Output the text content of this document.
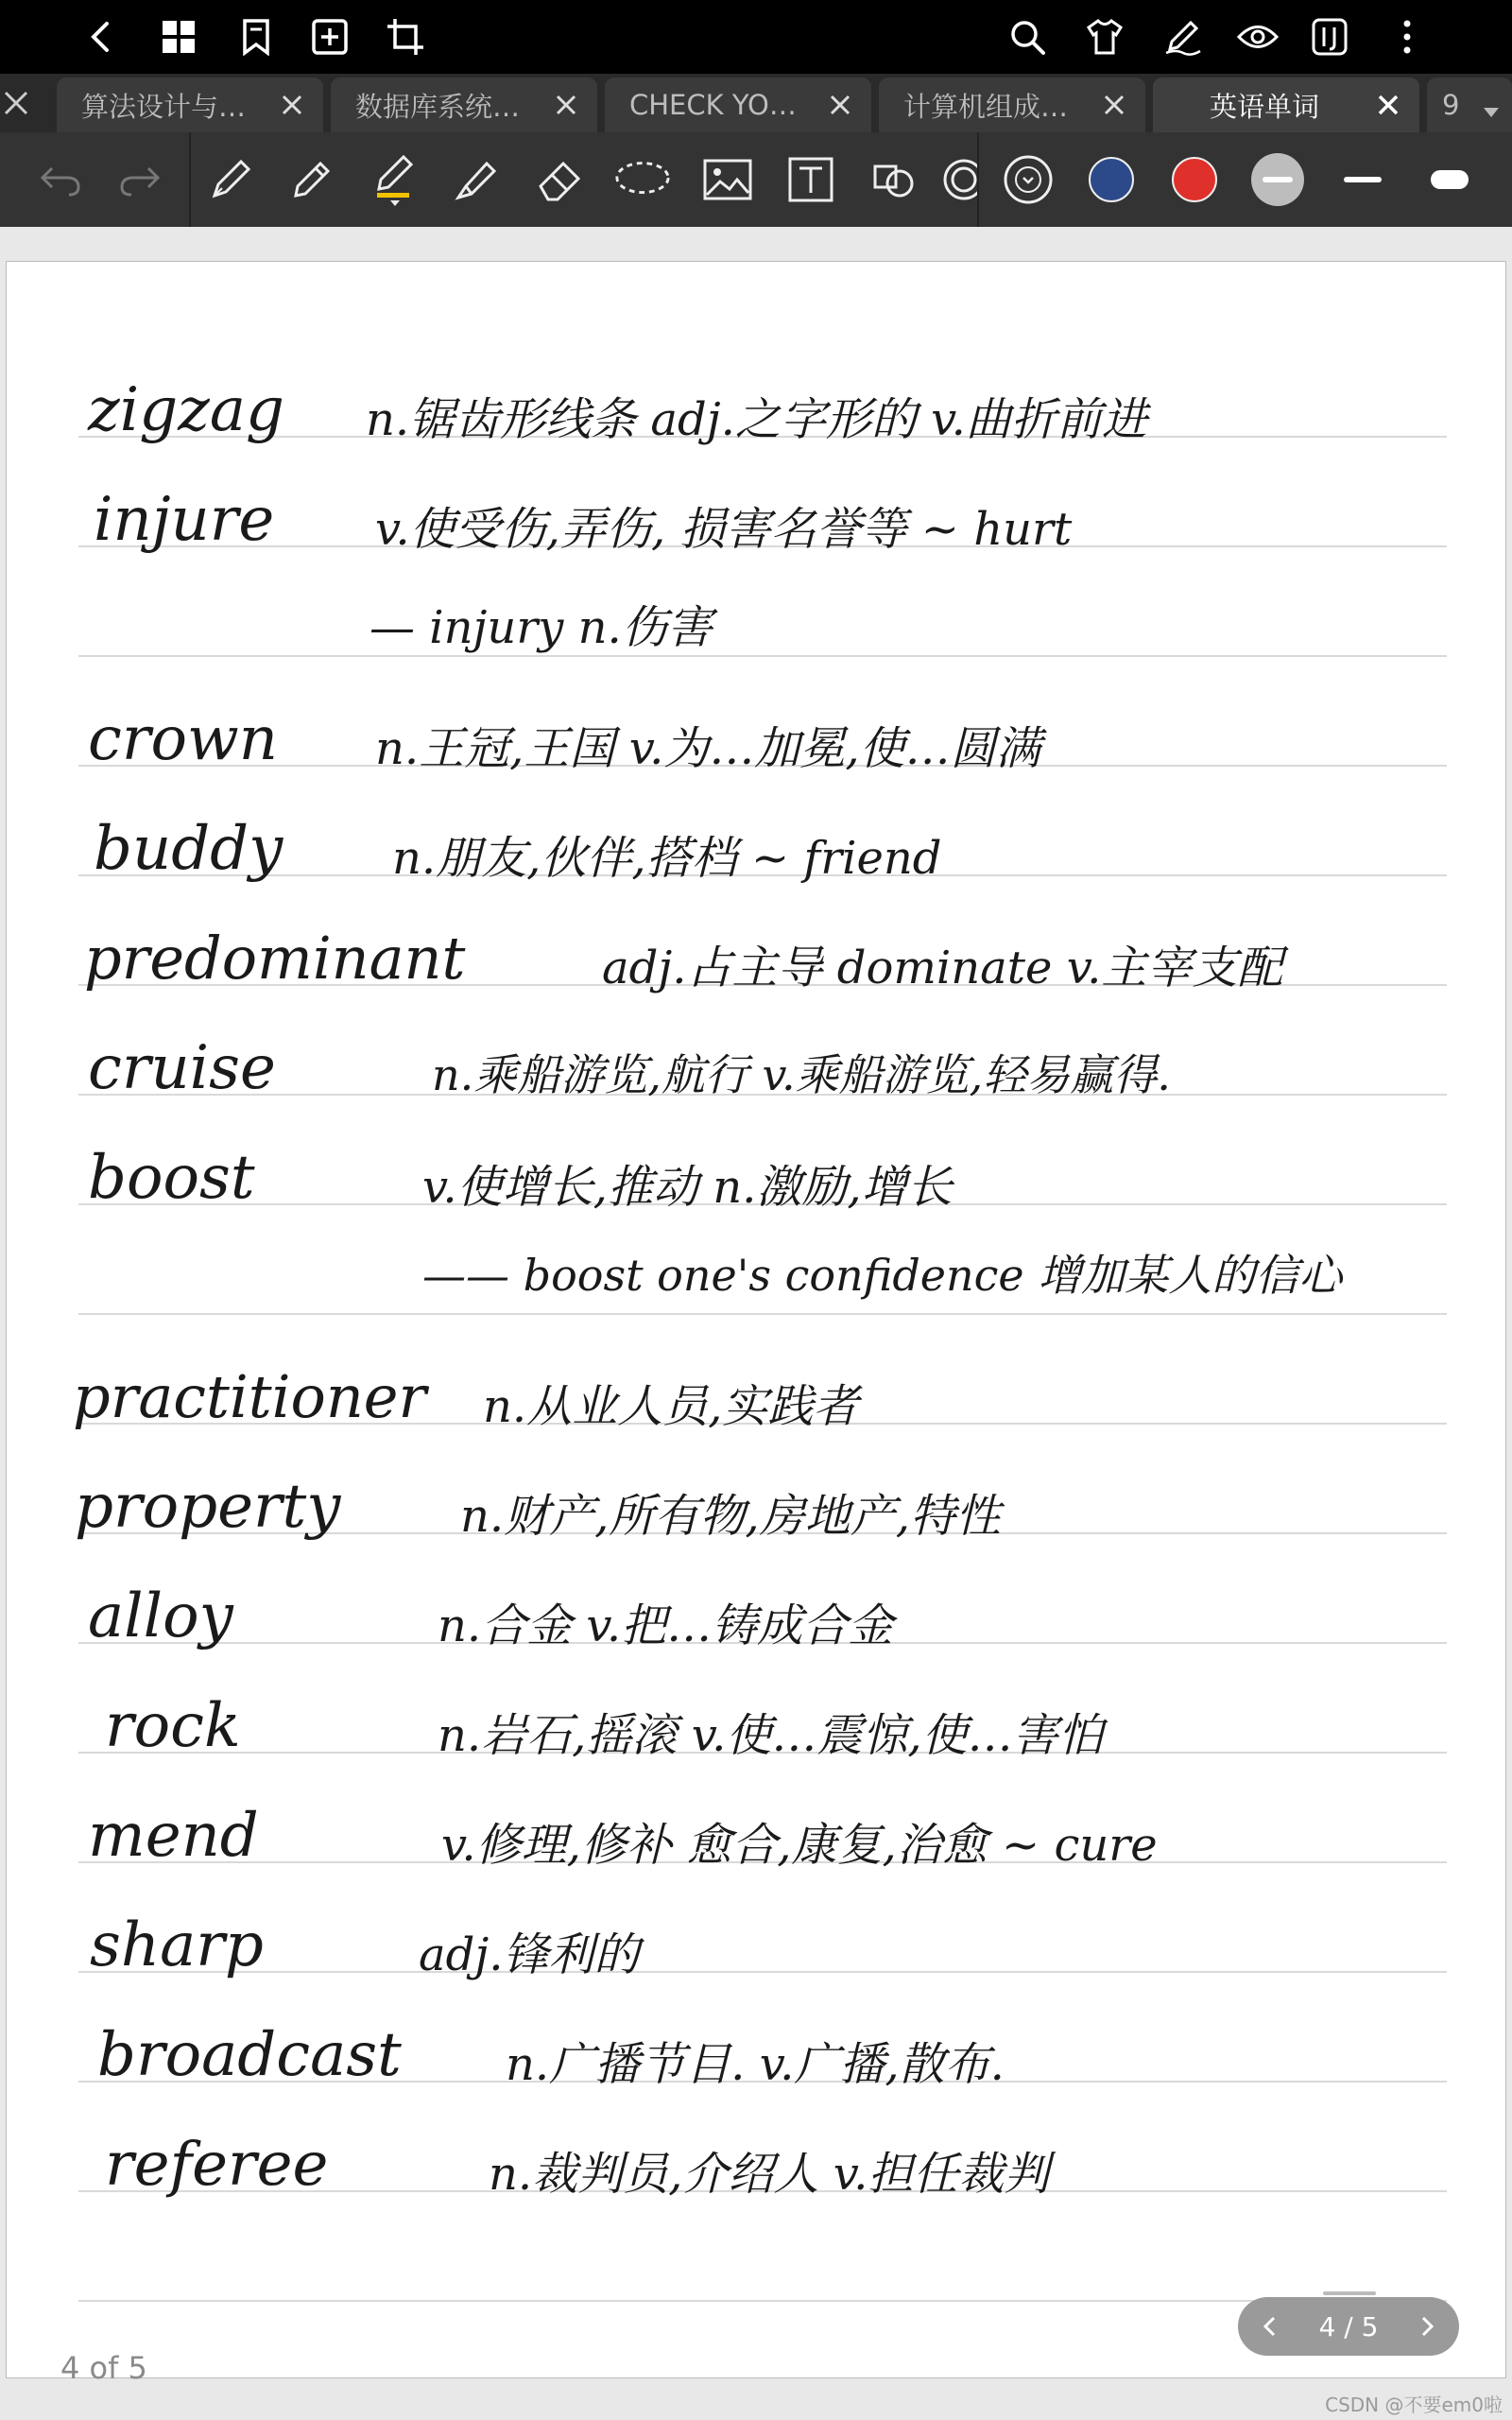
算法设计与…	数据库系统…	CHECK YO…	计算机组成…	英语单词	9
zigzag n.锯齿形线条 adj.之字形的 v.曲折前进
injure v.使受伤,弄伤, 损害名誉等 ~ hurt
— injury n.伤害
crown n.王冠,王国 v.为…加冕,使…圆满
buddy n.朋友,伙伴,搭档 ~ friend
predominant	adj.占主导 dominate v.主宰支配
cruise	n.乘船游览,航行 v.乘船游览,轻易赢得.
boost	v.使增长,推动 n.激励,增长
—— boost one's confidence 增加某人的信心
practitioner n.从业人员,实践者
property	n.财产,所有物,房地产,特性
alloy	n.合金 v.把…铸成合金
rock	n.岩石,摇滚 v.使…震惊,使…害怕
mend	v.修理,修补 愈合,康复,治愈 ~ cure
sharp	adj.锋利的
broadcast n.广播节目. v.广播,散布.
referee	n.裁判员,介绍人 v.担任裁判
4 / 5
4 of 5
CSDN @不要em0啦
